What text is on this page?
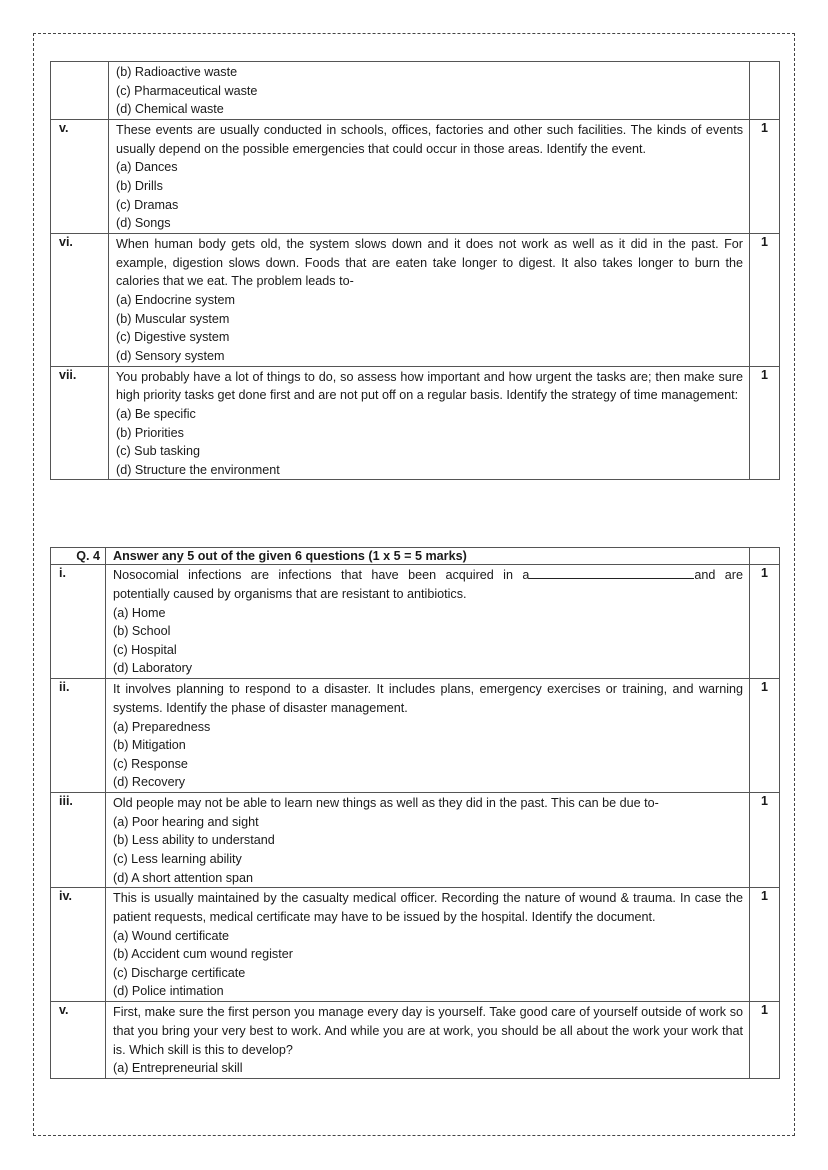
	(b) Radioactive waste
(c) Pharmaceutical waste
(d) Chemical waste	

v.	These events are usually conducted in schools, offices, factories and other such facilities. The kinds of events usually depend on the possible emergencies that could occur in those areas. Identify the event.
(a) Dances
(b) Drills
(c) Dramas
(d) Songs	1
vi.	When human body gets old, the system slows down and it does not work as well as it did in the past. For example, digestion slows down. Foods that are eaten take longer to digest. It also takes longer to burn the calories that we eat. The problem leads to-
(a) Endocrine system
(b) Muscular system
(c) Digestive system
(d) Sensory system	1
vii.	You probably have a lot of things to do, so assess how important and how urgent the tasks are; then make sure high priority tasks get done first and are not put off on a regular basis. Identify the strategy of time management:
(a) Be specific
(b) Priorities
(c) Sub tasking
(d) Structure the environment	1
Q. 4	Answer any 5 out of the given 6 questions (1 x 5 = 5 marks)	
i.	Nosocomial infections are infections that have been acquired in a and are potentially caused by organisms that are resistant to antibiotics.
(a) Home
(b) School
(c) Hospital
(d) Laboratory	1
ii.	It involves planning to respond to a disaster. It includes plans, emergency exercises or training, and warning systems. Identify the phase of disaster management.
(a) Preparedness
(b) Mitigation
(c) Response
(d) Recovery	1
iii.	Old people may not be able to learn new things as well as they did in the past. This can be due to-
(a) Poor hearing and sight
(b) Less ability to understand
(c) Less learning ability
(d) A short attention span	1
iv.	This is usually maintained by the casualty medical officer. Recording the nature of wound & trauma. In case the patient requests, medical certificate may have to be issued by the hospital. Identify the document.
(a) Wound certificate
(b) Accident cum wound register
(c) Discharge certificate
(d) Police intimation	1
v.	First, make sure the first person you manage every day is yourself. Take good care of yourself outside of work so that you bring your very best to work. And while you are at work, you should be all about the work your work that is. Which skill is this to develop?
(a) Entrepreneurial skill	1
